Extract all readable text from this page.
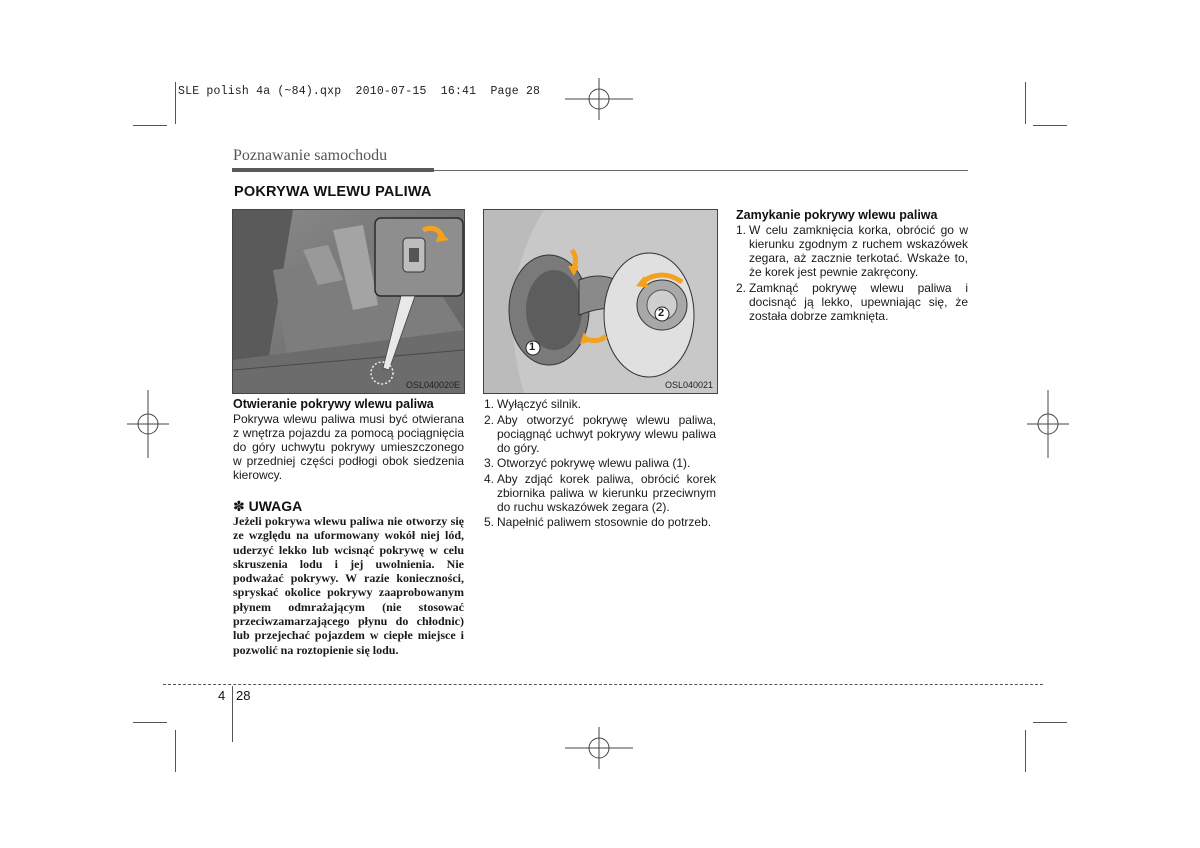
SLE polish 4a (~84).qxp  2010-07-15  16:41  Page 28
Poznawanie samochodu
POKRYWA WLEWU PALIWA
OSL040020E
1
2
OSL040021
Otwieranie pokrywy wlewu paliwa
Pokrywa wlewu paliwa musi być otwierana z wnętrza pojazdu za pomocą pociągnięcia do góry uchwytu pokrywy umieszczonego w przedniej części podłogi obok siedzenia kierowcy.
✽ UWAGA
Jeżeli pokrywa wlewu paliwa nie otworzy się ze względu na uformowany wokół niej lód, uderzyć lekko lub wcisnąć pokrywę w celu skruszenia lodu i jej uwolnienia. Nie podważać pokrywy. W razie konieczności, spryskać okolice pokrywy zaaprobowanym płynem odmrażającym (nie stosować przeciwzamarzającego płynu do chłodnic) lub przejechać pojazdem w ciepłe miejsce i pozwolić na roztopienie się lodu.
1. Wyłączyć silnik.
2. Aby otworzyć pokrywę wlewu paliwa, pociągnąć uchwyt pokrywy wlewu paliwa do góry.
3. Otworzyć pokrywę wlewu paliwa (1).
4. Aby zdjąć korek paliwa, obrócić korek zbiornika paliwa w kierunku przeciwnym do ruchu wskazówek zegara (2).
5. Napełnić paliwem stosownie do potrzeb.
Zamykanie pokrywy wlewu paliwa
1. W celu zamknięcia korka, obrócić go w kierunku zgodnym z ruchem wskazówek zegara, aż zacznie terkotać. Wskaże to, że korek jest pewnie zakręcony.
2. Zamknąć pokrywę wlewu paliwa i docisnąć ją lekko, upewniając się, że została dobrze zamknięta.
4 28
